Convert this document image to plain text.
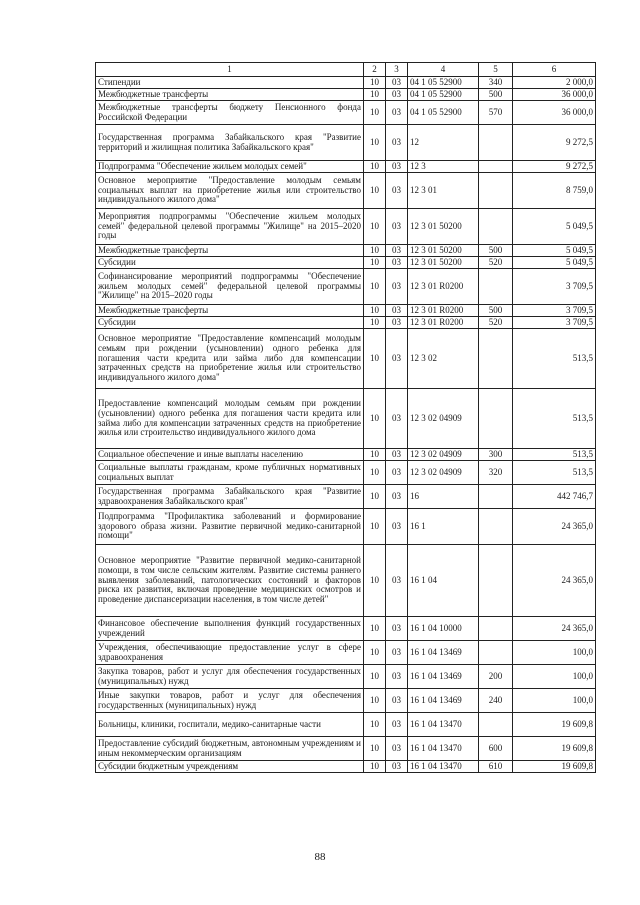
1	2	3	4	5	6
Стипендии	10	03	04 1 05 52900	340	2 000,0
Межбюджетные трансферты	10	03	04 1 05 52900	500	36 000,0
Межбюджетные трансферты бюджету Пенсионного фонда Российской Федерации	10	03	04 1 05 52900	570	36 000,0
Государственная программа Забайкальского края "Развитие территорий и жилищная политика Забайкальского края"	10	03	12		9 272,5
Подпрограмма "Обеспечение жильем молодых семей"	10	03	12 3		9 272,5
Основное мероприятие "Предоставление молодым семьям социальных выплат на приобретение жилья или строительство индивидуального жилого дома"	10	03	12 3 01		8 759,0
Мероприятия подпрограммы "Обеспечение жильем молодых семей" федеральной целевой программы "Жилище" на 2015–2020 годы	10	03	12 3 01 50200		5 049,5
Межбюджетные трансферты	10	03	12 3 01 50200	500	5 049,5
Субсидии	10	03	12 3 01 50200	520	5 049,5
Софинансирование мероприятий подпрограммы "Обеспечение жильем молодых семей" федеральной целевой программы "Жилище" на 2015–2020 годы	10	03	12 3 01 R0200		3 709,5
Межбюджетные трансферты	10	03	12 3 01 R0200	500	3 709,5
Субсидии	10	03	12 3 01 R0200	520	3 709,5
Основное мероприятие "Предоставление компенсаций молодым семьям при рождении (усыновлении) одного ребенка для погашения части кредита или займа либо для компенсации затраченных средств на приобретение жилья или строительство индивидуального жилого дома"	10	03	12 3 02		513,5
Предоставление компенсаций молодым семьям при рождении (усыновлении) одного ребенка для погашения части кредита или займа либо для компенсации затраченных средств на приобретение жилья или строительство индивидуального жилого дома	10	03	12 3 02 04909		513,5
Социальное обеспечение и иные выплаты населению	10	03	12 3 02 04909	300	513,5
Социальные выплаты гражданам, кроме публичных нормативных социальных выплат	10	03	12 3 02 04909	320	513,5
Государственная программа Забайкальского края "Развитие здравоохранения Забайкальского края"	10	03	16		442 746,7
Подпрограмма "Профилактика заболеваний и формирование здорового образа жизни. Развитие первичной медико-санитарной помощи"	10	03	16 1		24 365,0
Основное мероприятие "Развитие первичной медико-санитарной помощи, в том числе сельским жителям. Развитие системы раннего выявления заболеваний, патологических состояний и факторов риска их развития, включая проведение медицинских осмотров и проведение диспансеризации населения, в том числе детей"	10	03	16 1 04		24 365,0
Финансовое обеспечение выполнения функций государственных учреждений	10	03	16 1 04 10000		24 365,0
Учреждения, обеспечивающие предоставление услуг в сфере здравоохранения	10	03	16 1 04 13469		100,0
Закупка товаров, работ и услуг для обеспечения государственных (муниципальных) нужд	10	03	16 1 04 13469	200	100,0
Иные закупки товаров, работ и услуг для обеспечения государственных (муниципальных) нужд	10	03	16 1 04 13469	240	100,0
Больницы, клиники, госпитали, медико-санитарные части	10	03	16 1 04 13470		19 609,8
Предоставление субсидий бюджетным, автономным учреждениям и иным некоммерческим организациям	10	03	16 1 04 13470	600	19 609,8
Субсидии бюджетным учреждениям	10	03	16 1 04 13470	610	19 609,8
88
